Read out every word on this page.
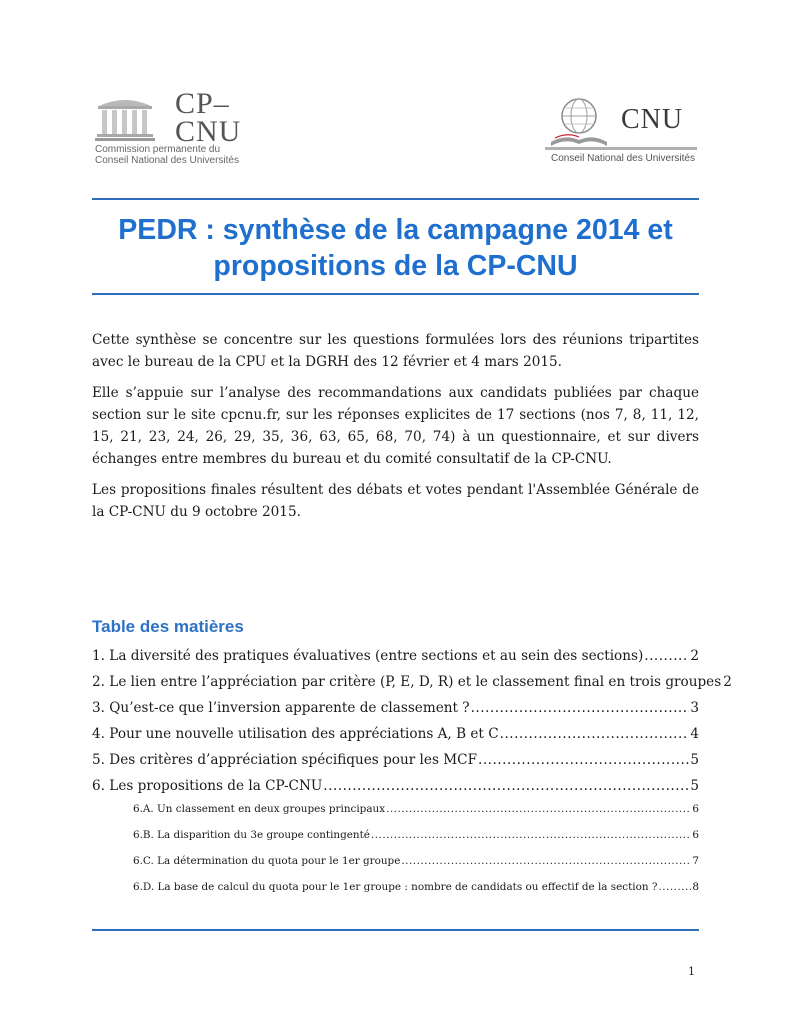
CP–
CNU
Commission permanente du
Conseil National des Universités
CNU
Conseil National des Universités
PEDR : synthèse de la campagne 2014 et
propositions de la CP-CNU

Cette synthèse se concentre sur les questions formulées lors des réunions tripartites avec le bureau de la CPU et la DGRH des 12 février et 4 mars 2015.

Elle s’appuie sur l’analyse des recommandations aux candidats publiées par chaque section sur le site cpcnu.fr, sur les réponses explicites de 17 sections (nos 7, 8, 11, 12, 15, 21, 23, 24, 26, 29, 35, 36, 63, 65, 68, 70, 74) à un questionnaire, et sur divers échanges entre membres du bureau et du comité consultatif de la CP-CNU.

Les propositions finales résultent des débats et votes pendant l'Assemblée Générale de la CP-CNU du 9 octobre 2015.

Table des matières
1. La diversité des pratiques évaluatives (entre sections et au sein des sections) .....	2
2. Le lien entre l’appréciation par critère (P, E, D, R) et le classement final en trois groupes 2
3. Qu’est-ce que l’inversion apparente de classement ? .....	3
4. Pour une nouvelle utilisation des appréciations A, B et C .....	4
5. Des critères d’appréciation spécifiques pour les MCF .....	5
6. Les propositions de la CP-CNU .....	5
6.A. Un classement en deux groupes principaux .....	6
6.B. La disparition du 3e groupe contingenté .....	6
6.C. La détermination du quota pour le 1er groupe .....	7
6.D. La base de calcul du quota pour le 1er groupe : nombre de candidats ou effectif de la section ? .....	8
1
